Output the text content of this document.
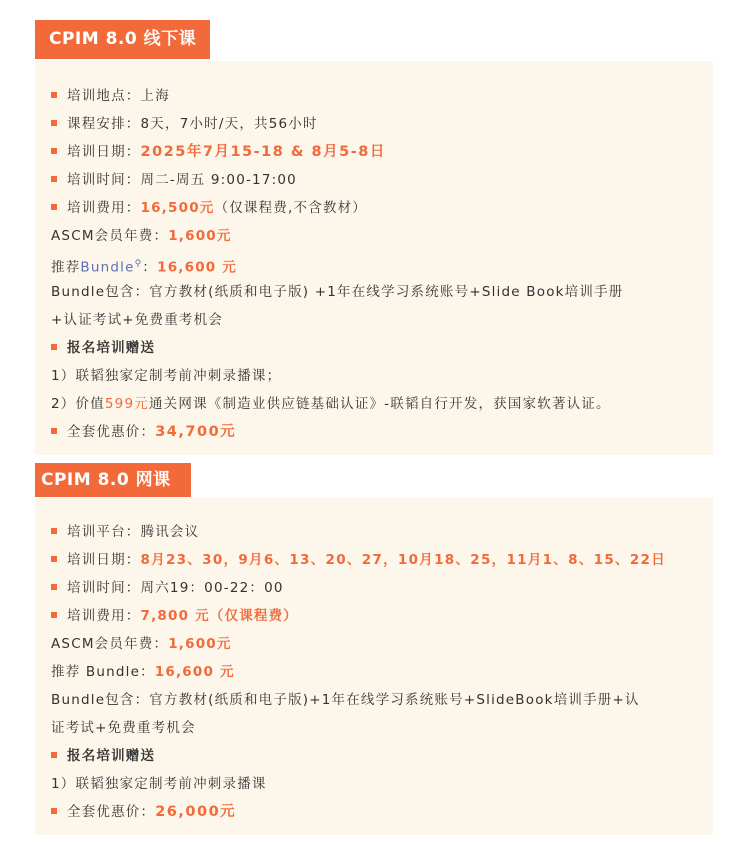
CPIM 8.0 线下课
培训地点：上海
课程安排：8天，7小时/天，共56小时
培训日期：2025年7月15-18 & 8月5-8日
培训时间：周二-周五 9:00-17:00
培训费用：16,500元（仅课程费,不含教材）
ASCM会员年费：1,600元
推荐Bundle⚲：16,600 元
Bundle包含：官方教材(纸质和电子版) +1年在线学习系统账号+Slide Book培训手册
+认证考试+免费重考机会
报名培训赠送
1）联韬独家定制考前冲刺录播课；
2）价值599元通关网课《制造业供应链基础认证》-联韬自行开发，获国家软著认证。
全套优惠价：34,700元
CPIM 8.0 网课
培训平台：腾讯会议
培训日期：8月23、30，9月6、13、20、27，10月18、25，11月1、8、15、22日
培训时间：周六19：00-22：00
培训费用：7,800 元（仅课程费）
ASCM会员年费：1,600元
推荐 Bundle：16,600 元
Bundle包含：官方教材(纸质和电子版)+1年在线学习系统账号+SlideBook培训手册+认
证考试+免费重考机会
报名培训赠送
1）联韬独家定制考前冲刺录播课
全套优惠价：26,000元
